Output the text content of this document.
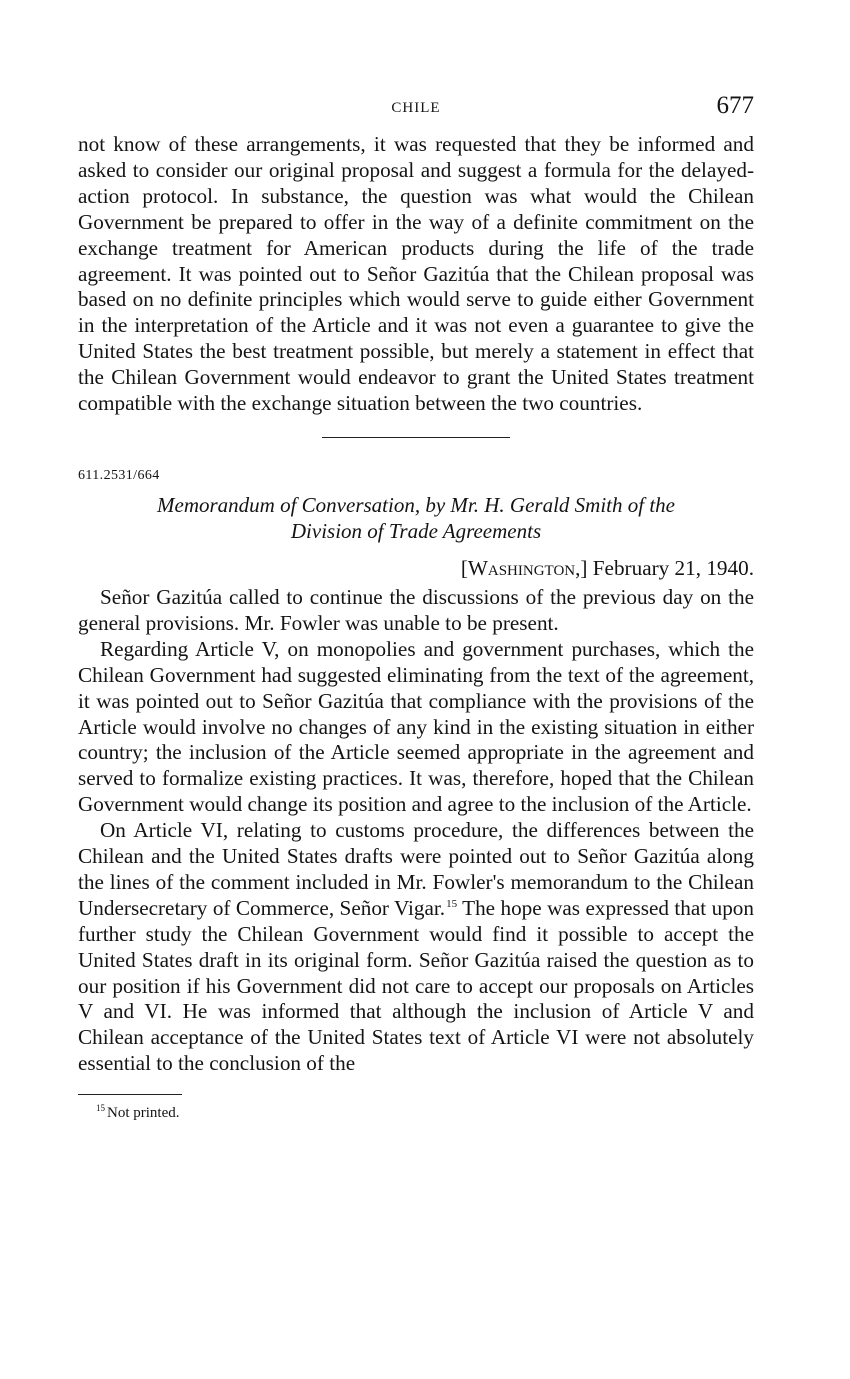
CHILE	677

not know of these arrangements, it was requested that they be informed and asked to consider our original proposal and suggest a formula for the delayed-action protocol. In substance, the question was what would the Chilean Government be prepared to offer in the way of a definite commitment on the exchange treatment for American products during the life of the trade agreement. It was pointed out to Señor Gazitúa that the Chilean proposal was based on no definite principles which would serve to guide either Government in the interpretation of the Article and it was not even a guarantee to give the United States the best treatment possible, but merely a statement in effect that the Chilean Government would endeavor to grant the United States treatment compatible with the exchange situation between the two countries.

611.2531/664
Memorandum of Conversation, by Mr. H. Gerald Smith of the
Division of Trade Agreements
[Washington,] February 21, 1940.

Señor Gazitúa called to continue the discussions of the previous day on the general provisions. Mr. Fowler was unable to be present.

Regarding Article V, on monopolies and government purchases, which the Chilean Government had suggested eliminating from the text of the agreement, it was pointed out to Señor Gazitúa that compliance with the provisions of the Article would involve no changes of any kind in the existing situation in either country; the inclusion of the Article seemed appropriate in the agreement and served to formalize existing practices. It was, therefore, hoped that the Chilean Government would change its position and agree to the inclusion of the Article.

On Article VI, relating to customs procedure, the differences between the Chilean and the United States drafts were pointed out to Señor Gazitúa along the lines of the comment included in Mr. Fowler's memorandum to the Chilean Undersecretary of Commerce, Señor Vigar.$^{15}$ The hope was expressed that upon further study the Chilean Government would find it possible to accept the United States draft in its original form. Señor Gazitúa raised the question as to our position if his Government did not care to accept our proposals on Articles V and VI. He was informed that although the inclusion of Article V and Chilean acceptance of the United States text of Article VI were not absolutely essential to the conclusion of the

$^{15}$ Not printed.
